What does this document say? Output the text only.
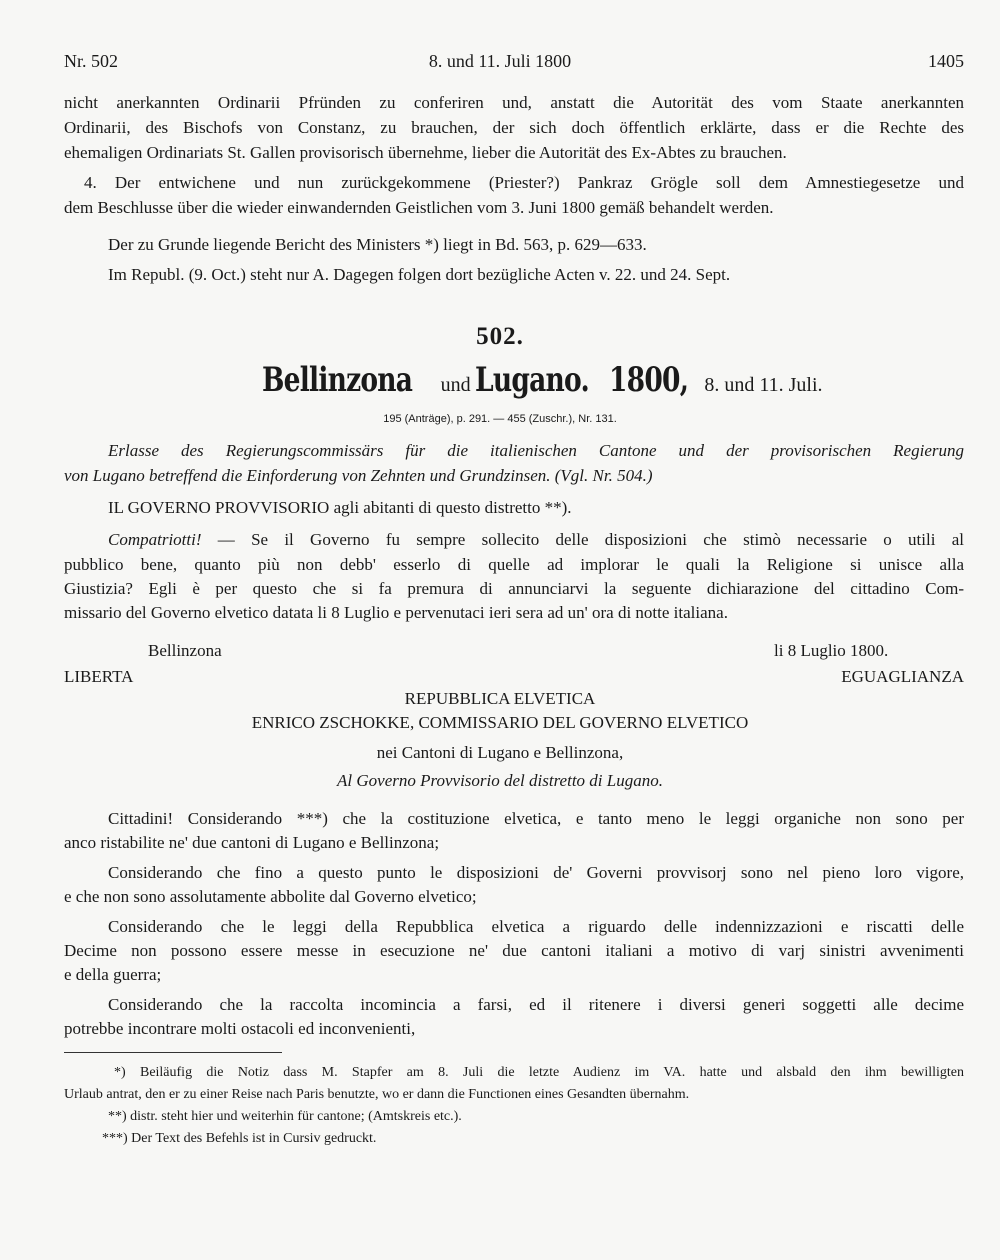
Nr. 502	8. und 11. Juli 1800	1405
nicht anerkannten Ordinarii Pfründen zu conferiren und, anstatt die Autorität des vom Staate anerkannten
Ordinarii, des Bischofs von Constanz, zu brauchen, der sich doch öffentlich erklärte, dass er die Rechte des
ehemaligen Ordinariats St. Gallen provisorisch übernehme, lieber die Autorität des Ex-Abtes zu brauchen.
4. Der entwichene und nun zurückgekommene (Priester?) Pankraz Grögle soll dem Amnestiegesetze und
dem Beschlusse über die wieder einwandernden Geistlichen vom 3. Juni 1800 gemäß behandelt werden.
Der zu Grunde liegende Bericht des Ministers *) liegt in Bd. 563, p. 629—633.
Im Republ. (9. Oct.) steht nur A. Dagegen folgen dort bezügliche Acten v. 22. und 24. Sept.
502.
Bellinzona und Lugano. 1800, 8. und 11. Juli.
195 (Anträge), p. 291. — 455 (Zuschr.), Nr. 131.
Erlasse des Regierungscommissärs für die italienischen Cantone und der provisorischen Regierung
von Lugano betreffend die Einforderung von Zehnten und Grundzinsen. (Vgl. Nr. 504.)
IL GOVERNO PROVVISORIO agli abitanti di questo distretto **).
Compatriotti! — Se il Governo fu sempre sollecito delle disposizioni che stimò necessarie o utili al
pubblico bene, quanto più non debb' esserlo di quelle ad implorar le quali la Religione si unisce alla
Giustizia? Egli è per questo che si fa premura di annunciarvi la seguente dichiarazione del cittadino Com-
missario del Governo elvetico datata li 8 Luglio e pervenutaci ieri sera ad un' ora di notte italiana.
Bellinzona	li 8 Luglio 1800.
LIBERTA	EGUAGLIANZA
REPUBBLICA ELVETICA
ENRICO ZSCHOKKE, COMMISSARIO DEL GOVERNO ELVETICO
nei Cantoni di Lugano e Bellinzona,
Al Governo Provvisorio del distretto di Lugano.
Cittadini! Considerando ***) che la costituzione elvetica, e tanto meno le leggi organiche non sono per
anco ristabilite ne' due cantoni di Lugano e Bellinzona;
Considerando che fino a questo punto le disposizioni de' Governi provvisorj sono nel pieno loro vigore,
e che non sono assolutamente abbolite dal Governo elvetico;
Considerando che le leggi della Repubblica elvetica a riguardo delle indennizzazioni e riscatti delle
Decime non possono essere messe in esecuzione ne' due cantoni italiani a motivo di varj sinistri avvenimenti
e della guerra;
Considerando che la raccolta incomincia a farsi, ed il ritenere i diversi generi soggetti alle decime
potrebbe incontrare molti ostacoli ed inconvenienti,
*) Beiläufig die Notiz dass M. Stapfer am 8. Juli die letzte Audienz im VA. hatte und alsbald den ihm bewilligten
Urlaub antrat, den er zu einer Reise nach Paris benutzte, wo er dann die Functionen eines Gesandten übernahm.
**) distr. steht hier und weiterhin für cantone; (Amtskreis etc.).
***) Der Text des Befehls ist in Cursiv gedruckt.
